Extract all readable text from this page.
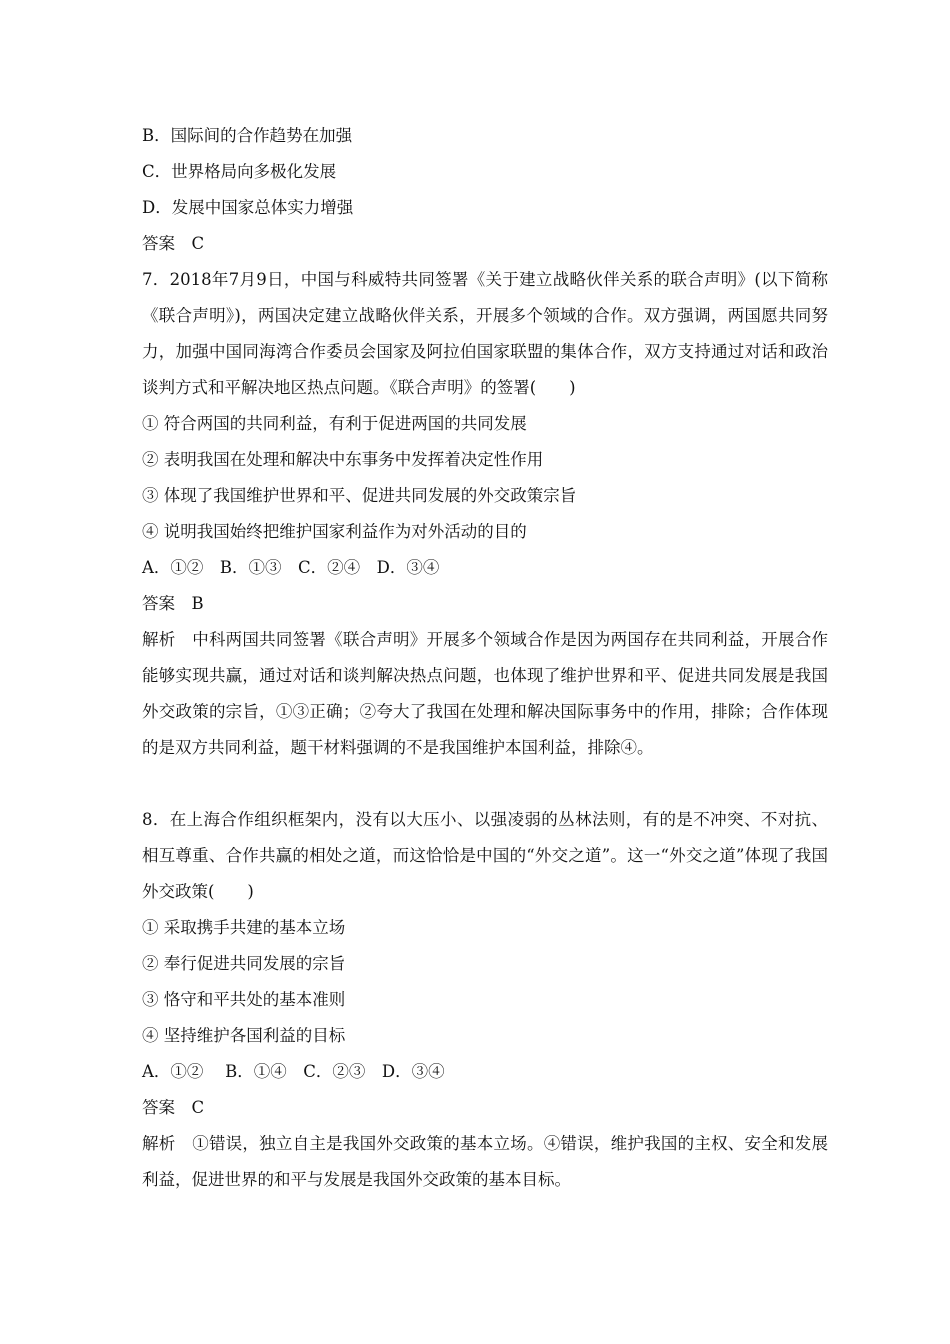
B．国际间的合作趋势在加强
C．世界格局向多极化发展
D．发展中国家总体实力增强
答案　C
7．2018年7月9日，中国与科威特共同签署《关于建立战略伙伴关系的联合声明》(以下简称《联合声明》)，两国决定建立战略伙伴关系，开展多个领域的合作。双方强调，两国愿共同努力，加强中国同海湾合作委员会国家及阿拉伯国家联盟的集体合作，双方支持通过对话和政治谈判方式和平解决地区热点问题。《联合声明》的签署(　　)
① 符合两国的共同利益，有利于促进两国的共同发展
② 表明我国在处理和解决中东事务中发挥着决定性作用
③ 体现了我国维护世界和平、促进共同发展的外交政策宗旨
④ 说明我国始终把维护国家利益作为对外活动的目的
A．①②　B．①③　C．②④　D．③④
答案　B
解析　中科两国共同签署《联合声明》开展多个领域合作是因为两国存在共同利益，开展合作能够实现共赢，通过对话和谈判解决热点问题，也体现了维护世界和平、促进共同发展是我国外交政策的宗旨，①③正确；②夸大了我国在处理和解决国际事务中的作用，排除；合作体现的是双方共同利益，题干材料强调的不是我国维护本国利益，排除④。
8．在上海合作组织框架内，没有以大压小、以强凌弱的丛林法则，有的是不冲突、不对抗、相互尊重、合作共赢的相处之道，而这恰恰是中国的“外交之道”。这一“外交之道”体现了我国外交政策(　　)
① 采取携手共建的基本立场
② 奉行促进共同发展的宗旨
③ 恪守和平共处的基本准则
④ 坚持维护各国利益的目标
A．①②　 B．①④　C．②③　D．③④
答案　C
解析　①错误，独立自主是我国外交政策的基本立场。④错误，维护我国的主权、安全和发展利益，促进世界的和平与发展是我国外交政策的基本目标。
